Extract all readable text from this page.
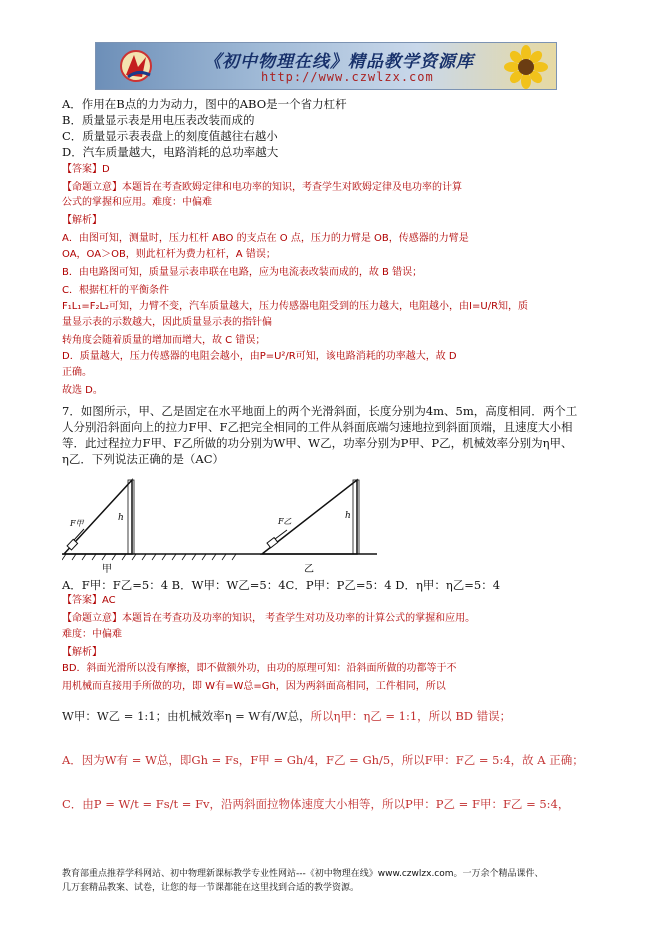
《初中物理在线》精品教学资源库
http://www.czwlzx.com
A．作用在B点的力为动力，图中的ABO是一个省力杠杆
B．质量显示表是用电压表改装而成的
C．质量显示表表盘上的刻度值越往右越小
D．汽车质量越大，电路消耗的总功率越大
【答案】D
【命题立意】本题旨在考查欧姆定律和电功率的知识，考查学生对欧姆定律及电功率的计算
公式的掌握和应用。难度：中偏难
【解析】
A．由图可知，测量时，压力杠杆 ABO 的支点在 O 点，压力的力臂是 OB，传感器的力臂是
OA，OA＞OB，则此杠杆为费力杠杆，A 错误；
B．由电路图可知，质量显示表串联在电路，应为电流表改装而成的，故 B 错误；
C．根据杠杆的平衡条件
F₁L₁=F₂L₂可知，力臂不变，汽车质量越大，压力传感器电阻受到的压力越大，电阻越小，由I=U/R知，质
量显示表的示数越大，因此质量显示表的指针偏
转角度会随着质量的增加而增大，故 C 错误；
D．质量越大，压力传感器的电阻会越小，由P=U²/R可知，该电路消耗的功率越大，故 D
正确。
故选 D。
7．如图所示，甲、乙是固定在水平地面上的两个光滑斜面，长度分别为4m、5m，高度相同．两个工
人分别沿斜面向上的拉力F甲、F乙把完全相同的工件从斜面底端匀速地拉到斜面顶端，且速度大小相
等．此过程拉力F甲、F乙所做的功分别为W甲、W乙，功率分别为P甲、P乙，机械效率分别为η甲、
η乙．下列说法正确的是（AC）
A．F甲：F乙=5：4 B．W甲：W乙=5：4C．P甲：P乙=5：4 D．η甲：η乙=5：4
【答案】AC
【命题立意】本题旨在考查功及功率的知识， 考查学生对功及功率的计算公式的掌握和应用。
难度：中偏难
【解析】
BD．斜面光滑所以没有摩擦，即不做额外功，由功的原理可知：沿斜面所做的功都等于不
用机械而直接用手所做的功，即 W有=W总=Gh，因为两斜面高相同，工件相同，所以
F甲
h
甲
F乙
h
乙
W甲：W乙 = 1:1；由机械效率η = W有/W总，所以η甲：η乙 = 1:1，所以 BD 错误；
A．因为W有 = W总，即Gh = Fs，F甲 = Gh/4，F乙 = Gh/5，所以F甲：F乙 = 5:4，故 A 正确；
C．由P = W/t = Fs/t = Fv，沿两斜面拉物体速度大小相等，所以P甲：P乙 = F甲：F乙 = 5:4，
教育部重点推荐学科网站、初中物理新课标教学专业性网站---《初中物理在线》www.czwlzx.com。一万余个精品课件、
几万套精品教案、试卷，让您的每一节课都能在这里找到合适的教学资源。
